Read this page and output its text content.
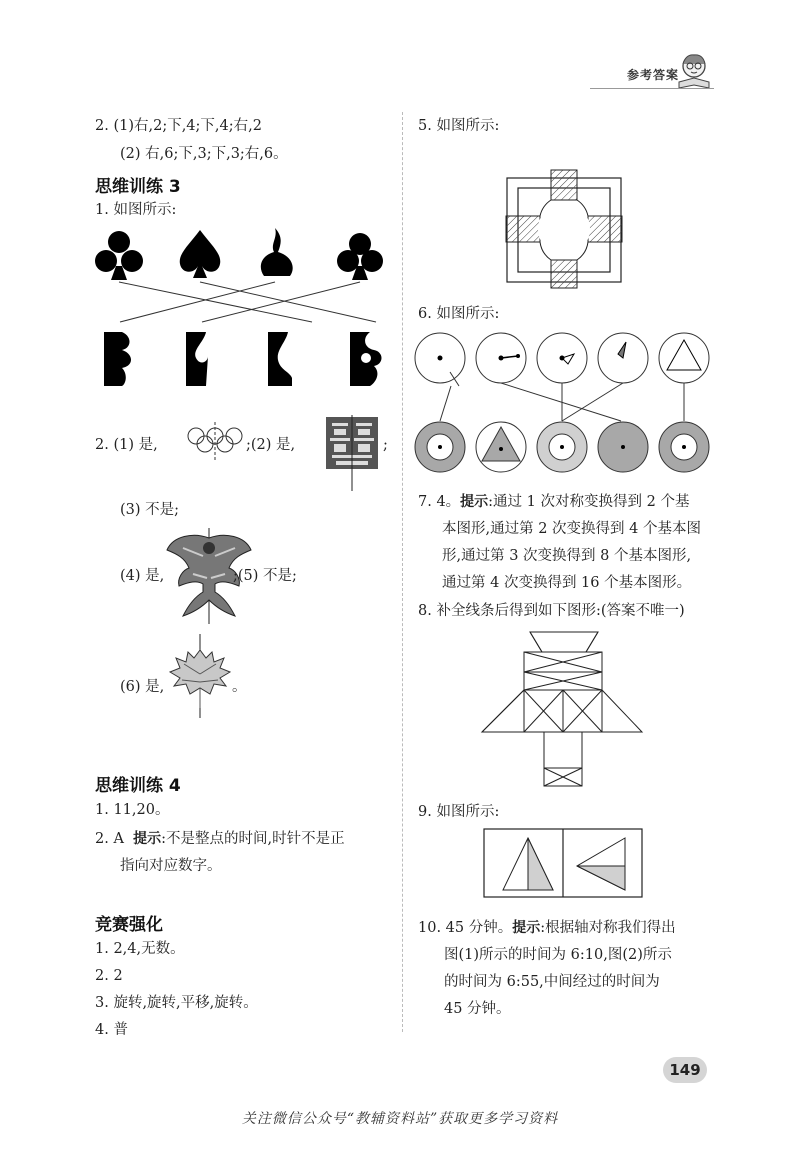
参考答案
2. (1)右,2;下,4;下,4;右,2
(2) 右,6;下,3;下,3;右,6。
思维训练 3
1. 如图所示:
2. (1) 是,	;(2) 是,	;
(3) 不是;
(4) 是,	;(5) 不是;
(6) 是,	。
思维训练 4
1. 11,20。
2. A 提示:不是整点的时间,时针不是正
指向对应数字。
竞赛强化
1. 2,4,无数。
2. 2
3. 旋转,旋转,平移,旋转。
4. 普
5. 如图所示:
6. 如图所示:
7. 4。提示:通过 1 次对称变换得到 2 个基
本图形,通过第 2 次变换得到 4 个基本图
形,通过第 3 次变换得到 8 个基本图形,
通过第 4 次变换得到 16 个基本图形。
8. 补全线条后得到如下图形:(答案不唯一)
9. 如图所示:
10. 45 分钟。提示:根据轴对称我们得出
图(1)所示的时间为 6:10,图(2)所示
的时间为 6:55,中间经过的时间为
45 分钟。
149
关注微信公众号“教辅资料站”获取更多学习资料
